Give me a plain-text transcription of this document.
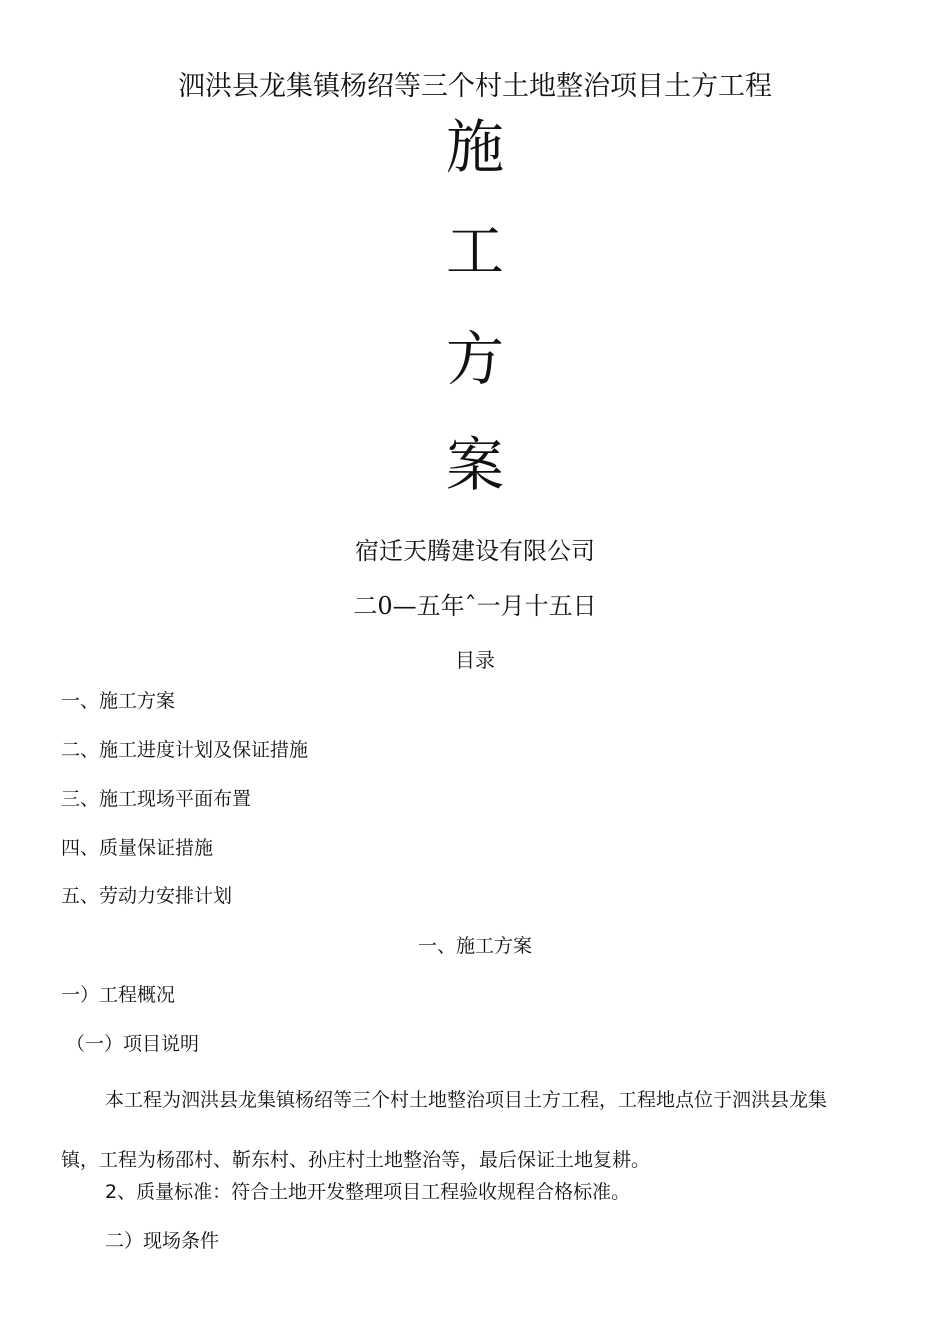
泗洪县龙集镇杨绍等三个村土地整治项目土方工程
施
工
方
案
宿迁天腾建设有限公司
二0—五年ˆ一月十五日
目录
一、施工方案
二、施工进度计划及保证措施
三、施工现场平面布置
四、质量保证措施
五、劳动力安排计划
一、施工方案
一）工程概况
（一）项目说明
本工程为泗洪县龙集镇杨绍等三个村土地整治项目土方工程，工程地点位于泗洪县龙集镇，工程为杨邵村、靳东村、孙庄村土地整治等，最后保证土地复耕。
2、质量标准：符合土地开发整理项目工程验收规程合格标准。
二）现场条件
